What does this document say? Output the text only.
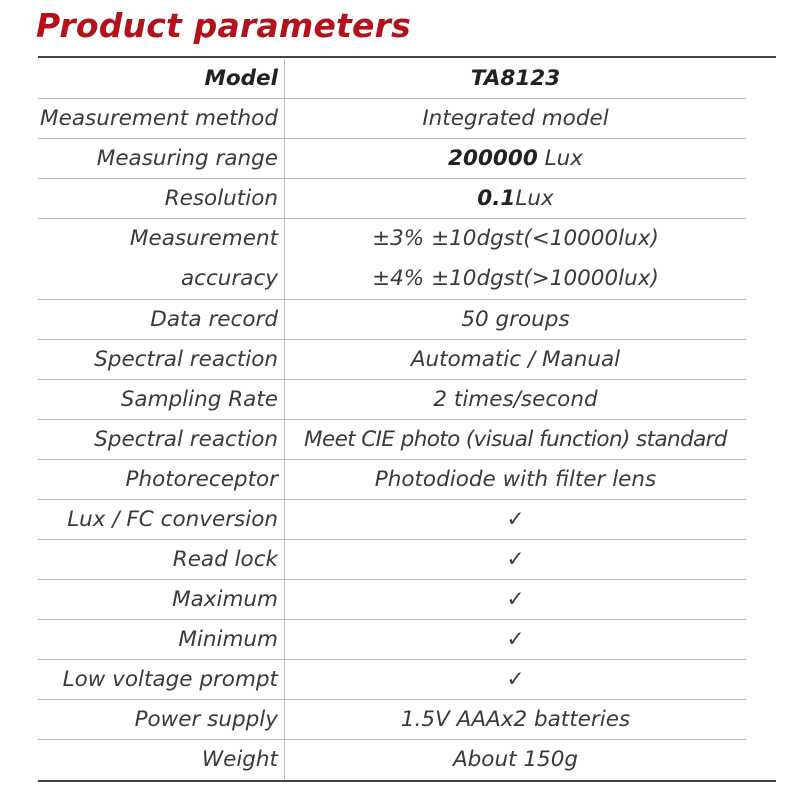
Product parameters
Model	TA8123
Measurement method	Integrated model
Measuring range	200000 Lux
Resolution	0.1Lux

Measurement
accuracy	±3% ±10dgst(<10000lux)
±4% ±10dgst(>10000lux)

Data record	50 groups
Spectral reaction	Automatic / Manual
Sampling Rate	2 times/second
Spectral reaction	Meet CIE photo (visual function) standard
Photoreceptor	Photodiode with filter lens
Lux / FC conversion	✓
Read lock	✓
Maximum	✓
Minimum	✓
Low voltage prompt	✓
Power supply	1.5V AAAx2 batteries
Weight	About 150g
